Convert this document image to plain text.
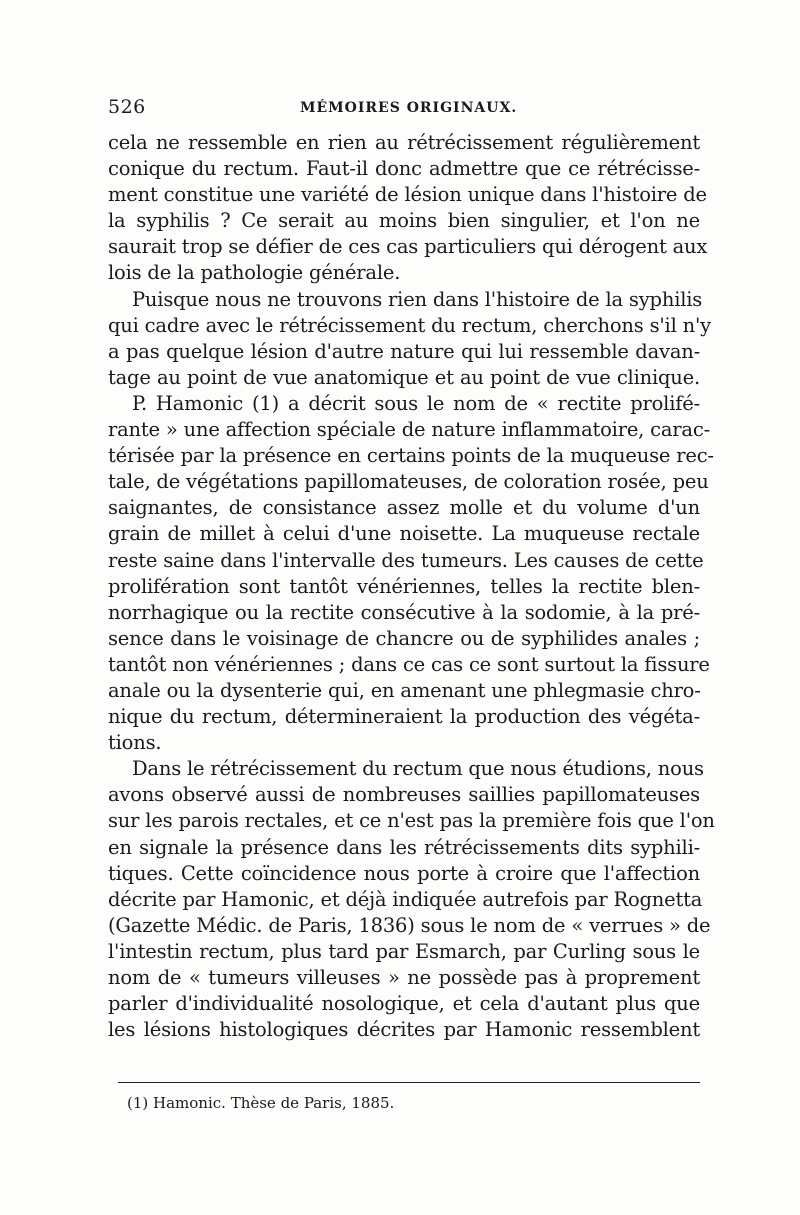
526	MÉMOIRES ORIGINAUX.
cela ne ressemble en rien au rétrécissement régulièrement
conique du rectum. Faut-il donc admettre que ce rétrécisse-
ment constitue une variété de lésion unique dans l'histoire de
la syphilis ? Ce serait au moins bien singulier, et l'on ne
saurait trop se défier de ces cas particuliers qui dérogent aux
lois de la pathologie générale.
Puisque nous ne trouvons rien dans l'histoire de la syphilis
qui cadre avec le rétrécissement du rectum, cherchons s'il n'y
a pas quelque lésion d'autre nature qui lui ressemble davan-
tage au point de vue anatomique et au point de vue clinique.
P. Hamonic (1) a décrit sous le nom de « rectite prolifé-
rante » une affection spéciale de nature inflammatoire, carac-
térisée par la présence en certains points de la muqueuse rec-
tale, de végétations papillomateuses, de coloration rosée, peu
saignantes, de consistance assez molle et du volume d'un
grain de millet à celui d'une noisette. La muqueuse rectale
reste saine dans l'intervalle des tumeurs. Les causes de cette
prolifération sont tantôt vénériennes, telles la rectite blen-
norrhagique ou la rectite consécutive à la sodomie, à la pré-
sence dans le voisinage de chancre ou de syphilides anales ;
tantôt non vénériennes ; dans ce cas ce sont surtout la fissure
anale ou la dysenterie qui, en amenant une phlegmasie chro-
nique du rectum, détermineraient la production des végéta-
tions.
Dans le rétrécissement du rectum que nous étudions, nous
avons observé aussi de nombreuses saillies papillomateuses
sur les parois rectales, et ce n'est pas la première fois que l'on
en signale la présence dans les rétrécissements dits syphili-
tiques. Cette coïncidence nous porte à croire que l'affection
décrite par Hamonic, et déjà indiquée autrefois par Rognetta
(Gazette Médic. de Paris, 1836) sous le nom de « verrues » de
l'intestin rectum, plus tard par Esmarch, par Curling sous le
nom de « tumeurs villeuses » ne possède pas à proprement
parler d'individualité nosologique, et cela d'autant plus que
les lésions histologiques décrites par Hamonic ressemblent
(1) Hamonic. Thèse de Paris, 1885.
